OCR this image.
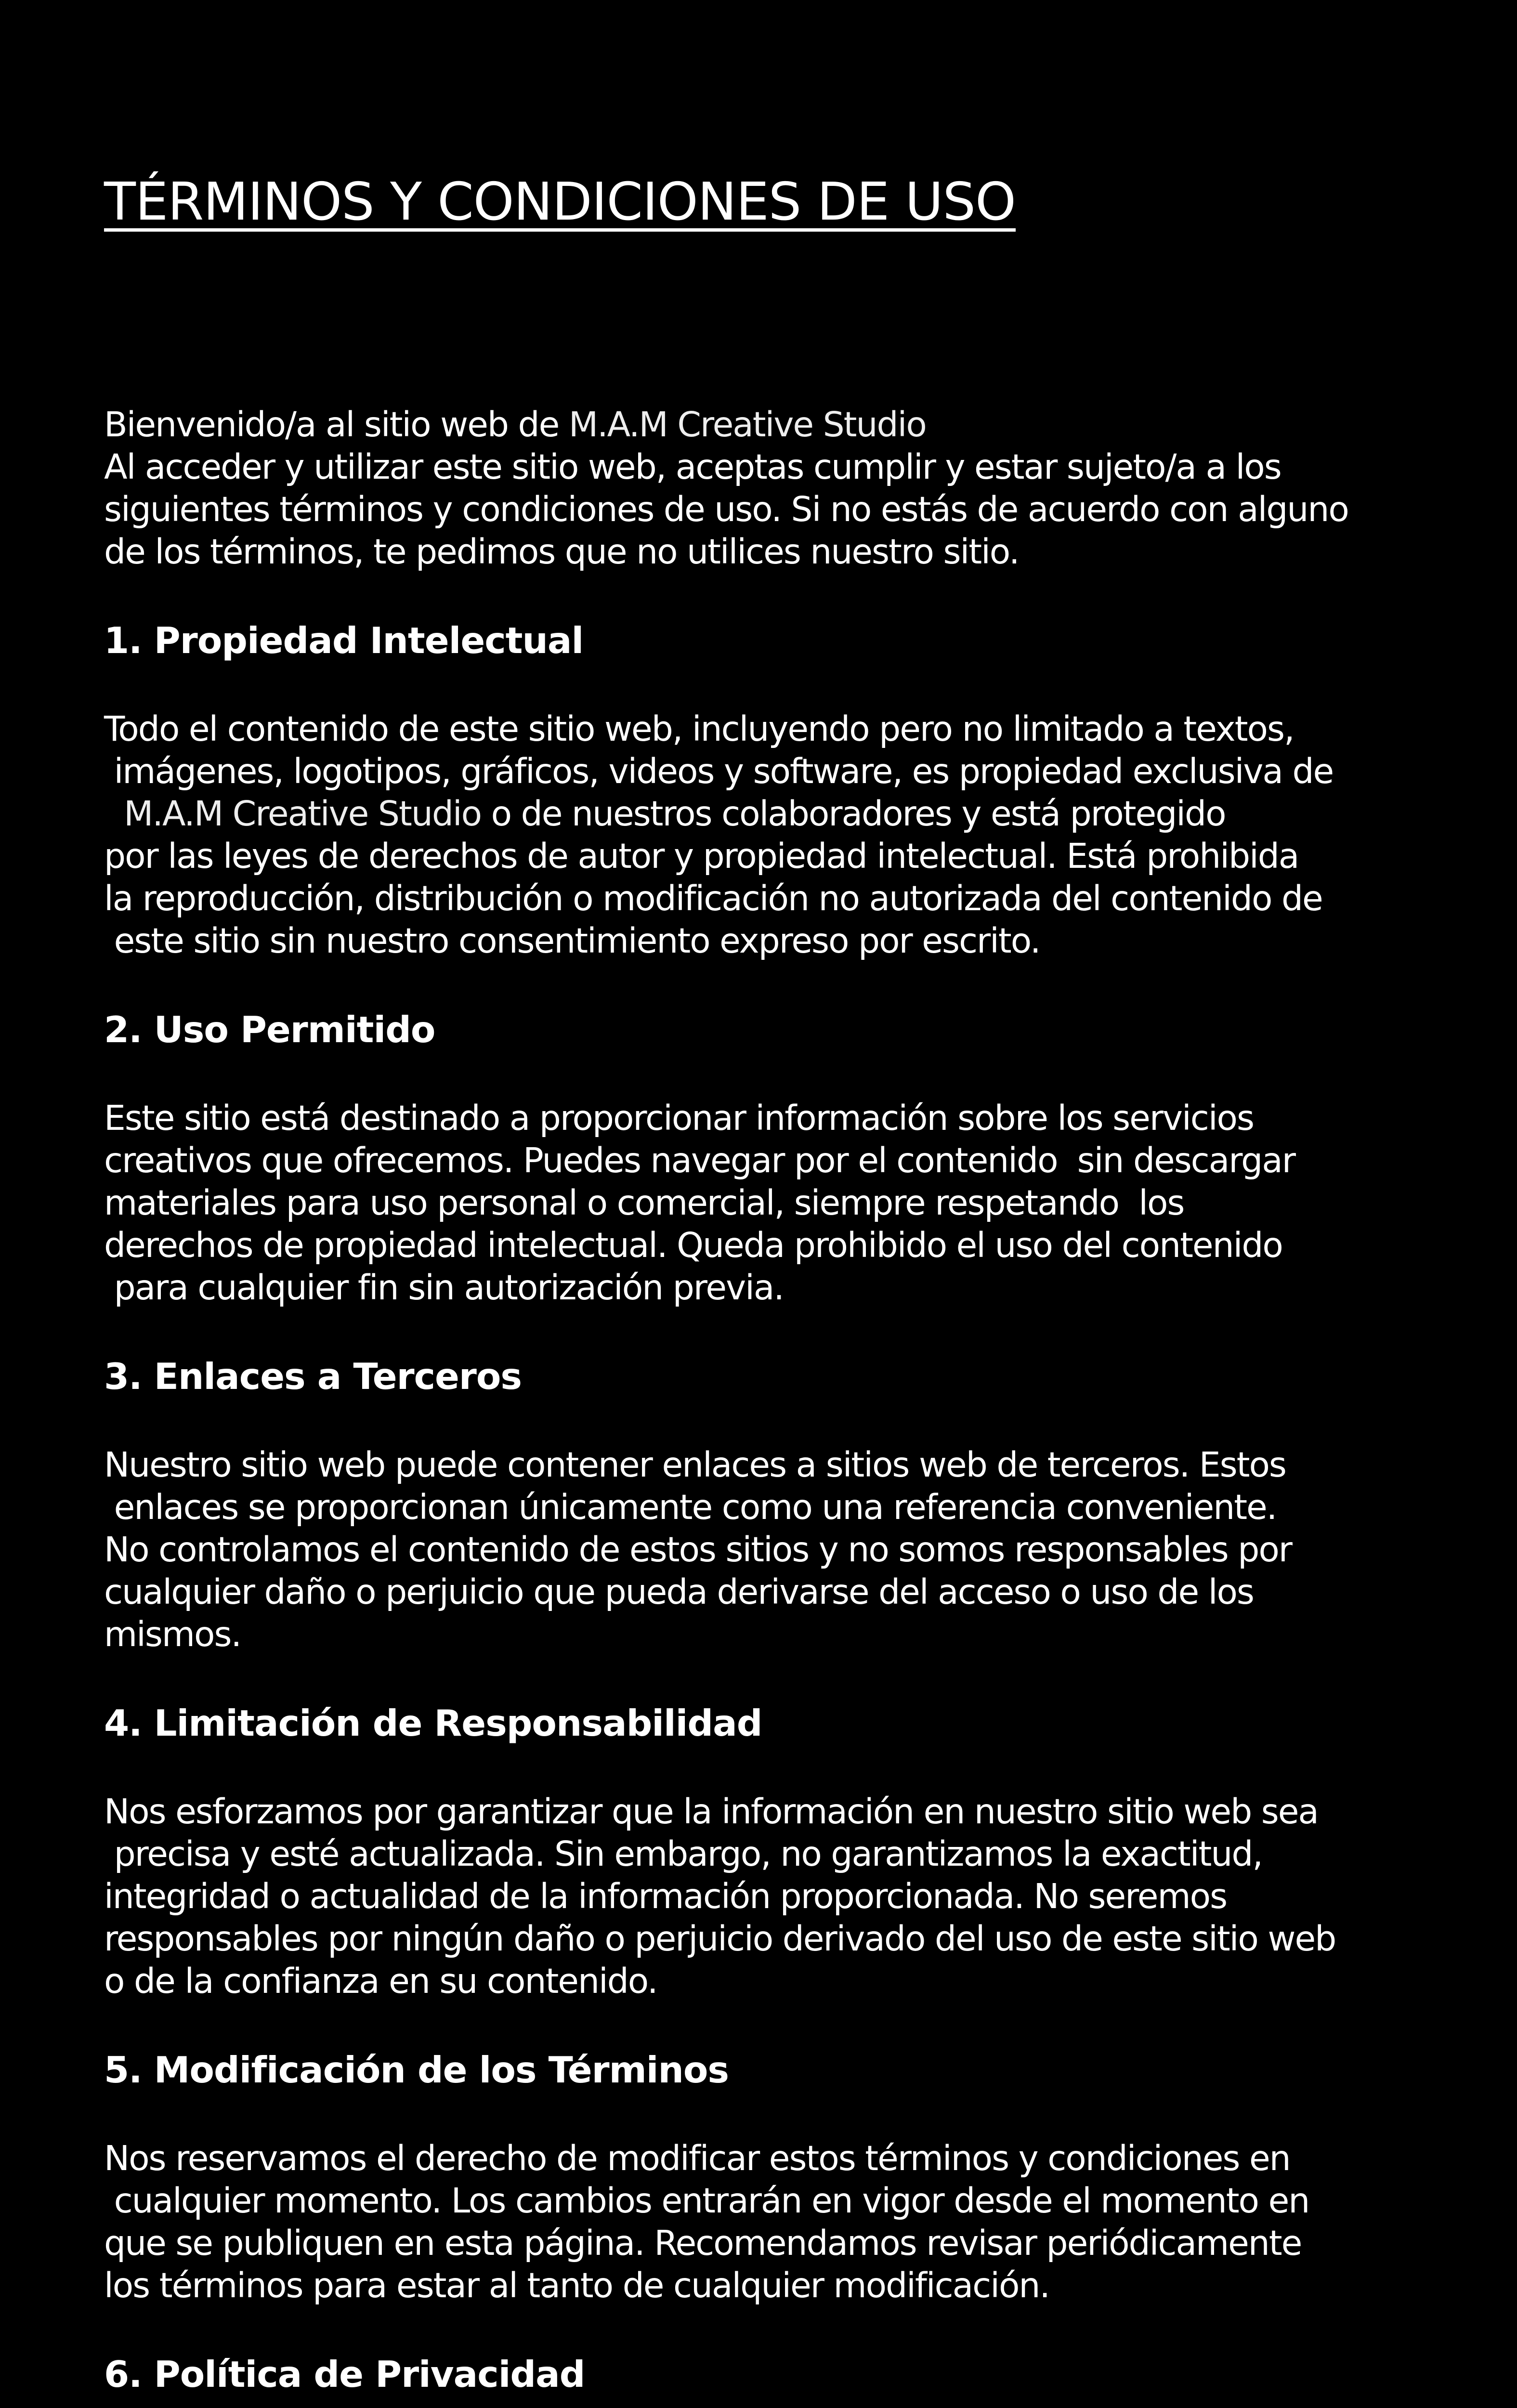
TÉRMINOS Y CONDICIONES DE USO

Bienvenido/a al sitio web de M.A.M Creative Studio

Al acceder y utilizar este sitio web, aceptas cumplir y estar sujeto/a a los

siguientes términos y condiciones de uso. Si no estás de acuerdo con alguno

de los términos, te pedimos que no utilices nuestro sitio.

1. Propiedad Intelectual

Todo el contenido de este sitio web, incluyendo pero no limitado a textos,

imágenes, logotipos, gráficos, videos y software, es propiedad exclusiva de

M.A.M Creative Studio o de nuestros colaboradores y está protegido

por las leyes de derechos de autor y propiedad intelectual. Está prohibida

la reproducción, distribución o modificación no autorizada del contenido de

este sitio sin nuestro consentimiento expreso por escrito.

2. Uso Permitido

Este sitio está destinado a proporcionar información sobre los servicios

creativos que ofrecemos. Puedes navegar por el contenido  sin descargar

materiales para uso personal o comercial, siempre respetando  los

derechos de propiedad intelectual. Queda prohibido el uso del contenido

para cualquier fin sin autorización previa.

3. Enlaces a Terceros

Nuestro sitio web puede contener enlaces a sitios web de terceros. Estos

enlaces se proporcionan únicamente como una referencia conveniente.

No controlamos el contenido de estos sitios y no somos responsables por

cualquier daño o perjuicio que pueda derivarse del acceso o uso de los

mismos.

4. Limitación de Responsabilidad

Nos esforzamos por garantizar que la información en nuestro sitio web sea

precisa y esté actualizada. Sin embargo, no garantizamos la exactitud,

integridad o actualidad de la información proporcionada. No seremos

responsables por ningún daño o perjuicio derivado del uso de este sitio web

o de la confianza en su contenido.

5. Modificación de los Términos

Nos reservamos el derecho de modificar estos términos y condiciones en

cualquier momento. Los cambios entrarán en vigor desde el momento en

que se publiquen en esta página. Recomendamos revisar periódicamente

los términos para estar al tanto de cualquier modificación.

6. Política de Privacidad
